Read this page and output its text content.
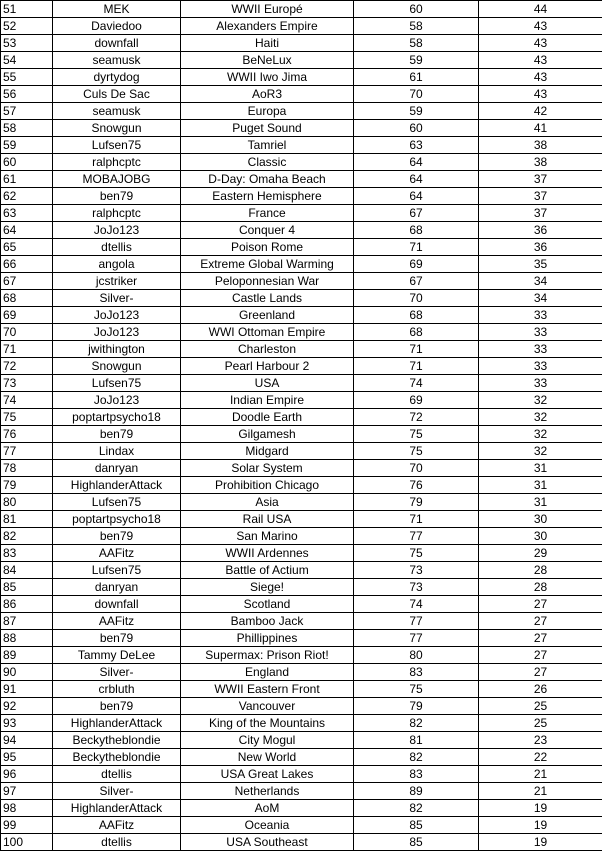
51	MEK	WWII Europé	60	44
52	Daviedoo	Alexanders Empire	58	43
53	downfall	Haiti	58	43
54	seamusk	BeNeLux	59	43
55	dyrtydog	WWII Iwo Jima	61	43
56	Culs De Sac	AoR3	70	43
57	seamusk	Europa	59	42
58	Snowgun	Puget Sound	60	41
59	Lufsen75	Tamriel	63	38
60	ralphcptc	Classic	64	38
61	MOBAJOBG	D-Day: Omaha Beach	64	37
62	ben79	Eastern Hemisphere	64	37
63	ralphcptc	France	67	37
64	JoJo123	Conquer 4	68	36
65	dtellis	Poison Rome	71	36
66	angola	Extreme Global Warming	69	35
67	jcstriker	Peloponnesian War	67	34
68	Silver-	Castle Lands	70	34
69	JoJo123	Greenland	68	33
70	JoJo123	WWI Ottoman Empire	68	33
71	jwithington	Charleston	71	33
72	Snowgun	Pearl Harbour 2	71	33
73	Lufsen75	USA	74	33
74	JoJo123	Indian Empire	69	32
75	poptartpsycho18	Doodle Earth	72	32
76	ben79	Gilgamesh	75	32
77	Lindax	Midgard	75	32
78	danryan	Solar System	70	31
79	HighlanderAttack	Prohibition Chicago	76	31
80	Lufsen75	Asia	79	31
81	poptartpsycho18	Rail USA	71	30
82	ben79	San Marino	77	30
83	AAFitz	WWII Ardennes	75	29
84	Lufsen75	Battle of Actium	73	28
85	danryan	Siege!	73	28
86	downfall	Scotland	74	27
87	AAFitz	Bamboo Jack	77	27
88	ben79	Phillippines	77	27
89	Tammy DeLee	Supermax: Prison Riot!	80	27
90	Silver-	England	83	27
91	crbluth	WWII Eastern Front	75	26
92	ben79	Vancouver	79	25
93	HighlanderAttack	King of the Mountains	82	25
94	Beckytheblondie	City Mogul	81	23
95	Beckytheblondie	New World	82	22
96	dtellis	USA Great Lakes	83	21
97	Silver-	Netherlands	89	21
98	HighlanderAttack	AoM	82	19
99	AAFitz	Oceania	85	19
100	dtellis	USA Southeast	85	19
